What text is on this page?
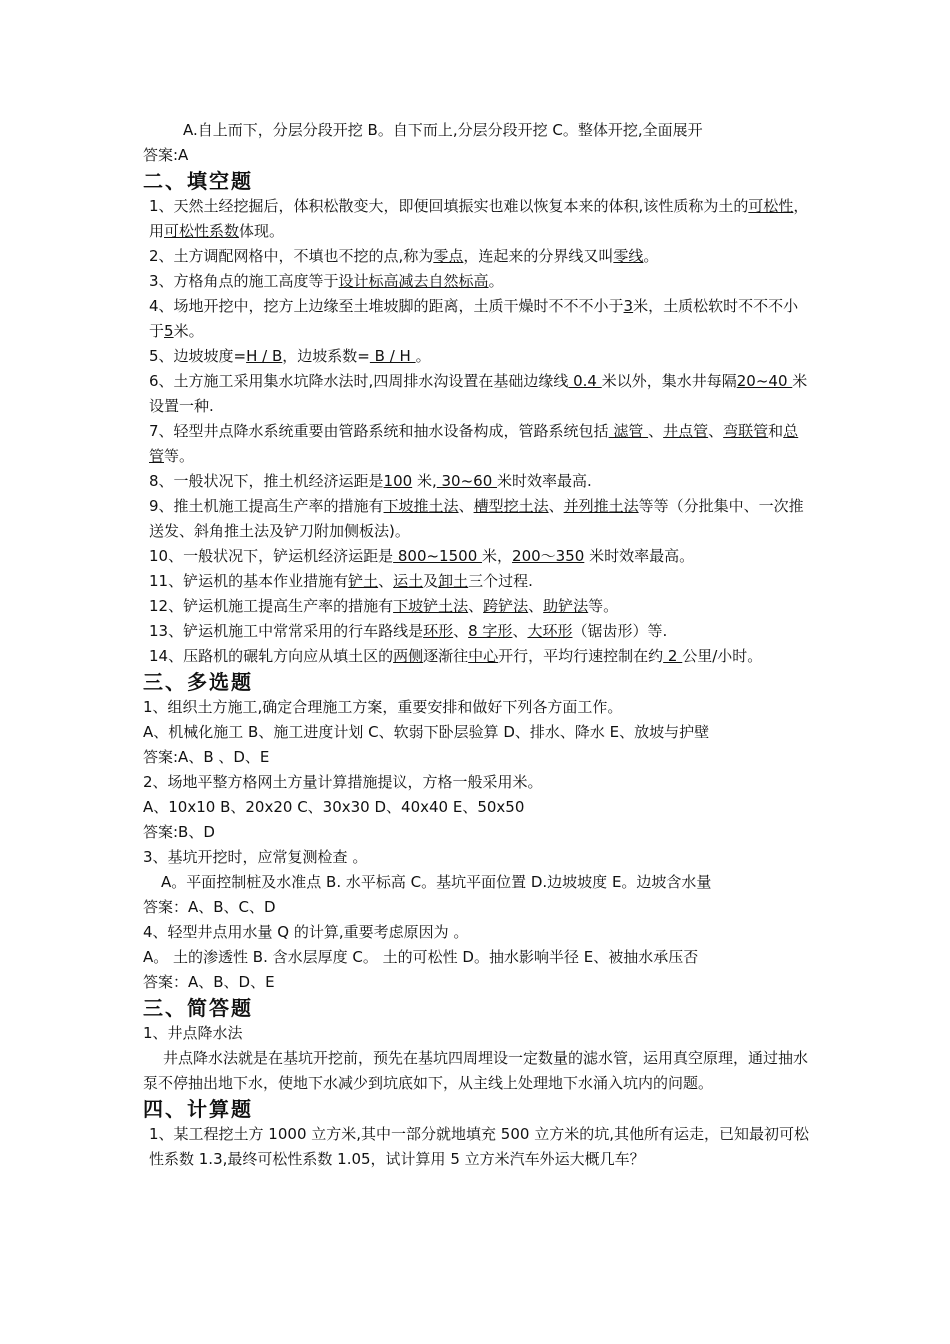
A.自上而下，分层分段开挖 B。自下而上,分层分段开挖 C。整体开挖,全面展开
答案:A
二、填空题
1、天然土经挖掘后，体积松散变大，即便回填振实也难以恢复本来的体积,该性质称为土的可松性，用可松性系数体现。
2、土方调配网格中，不填也不挖的点,称为零点，连起来的分界线又叫零线。
3、方格角点的施工高度等于设计标高减去自然标高。
4、场地开挖中，挖方上边缘至土堆坡脚的距离，土质干燥时不不不小于3米，土质松软时不不不小于5米。
5、边坡坡度=H / B，边坡系数= B / H 。
6、土方施工采用集水坑降水法时,四周排水沟设置在基础边缘线 0.4 米以外，集水井每隔20~40 米设置一种.
7、轻型井点降水系统重要由管路系统和抽水设备构成，管路系统包括 滤管 、井点管、弯联管和总管等。
8、一般状况下，推土机经济运距是100 米, 30~60 米时效率最高.
9、推土机施工提高生产率的措施有下坡推土法、槽型挖土法、并列推土法等等（分批集中、一次推送发、斜角推土法及铲刀附加侧板法)。
10、一般状况下，铲运机经济运距是 800~1500 米，200～350 米时效率最高。
11、铲运机的基本作业措施有铲土、运土及卸土三个过程.
12、铲运机施工提高生产率的措施有下坡铲土法、跨铲法、助铲法等。
13、铲运机施工中常常采用的行车路线是环形、8 字形、大环形（锯齿形）等.
14、压路机的碾轧方向应从填土区的两侧逐渐往中心开行，平均行速控制在约 2 公里/小时。
三、多选题
1、组织土方施工,确定合理施工方案，重要安排和做好下列各方面工作。
A、机械化施工 B、施工进度计划 C、软弱下卧层验算 D、排水、降水 E、放坡与护壁
答案:A、B 、D、E
2、场地平整方格网土方量计算措施提议，方格一般采用米。
A、10x10 B、20x20 C、30x30 D、40x40 E、50x50
答案:B、D
3、基坑开挖时，应常复测检查 。
A。平面控制桩及水准点 B. 水平标高 C。基坑平面位置 D.边坡坡度 E。边坡含水量
答案：A、B、C、D
4、轻型井点用水量 Q 的计算,重要考虑原因为 。
A。 土的渗透性 B. 含水层厚度 C。 土的可松性 D。抽水影响半径 E、被抽水承压否
答案：A、B、D、E
三、简答题
1、井点降水法
井点降水法就是在基坑开挖前，预先在基坑四周埋设一定数量的滤水管，运用真空原理，通过抽水泵不停抽出地下水，使地下水减少到坑底如下，从主线上处理地下水涌入坑内的问题。
四、计算题
1、某工程挖土方 1000 立方米,其中一部分就地填充 500 立方米的坑,其他所有运走，已知最初可松性系数 1.3,最终可松性系数 1.05，试计算用 5 立方米汽车外运大概几车？
